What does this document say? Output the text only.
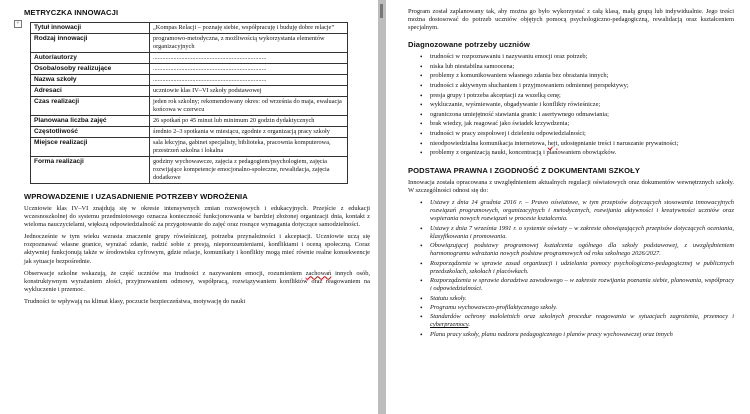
+
METRYCZKA INNOWACJI
Tytuł innowacji	„Kompas Relacji – poznaję siebie, współpracuję i buduję dobre relacje”
Rodzaj innowacji	programowo-metodyczna, z możliwością wykorzystania elementów organizacyjnych
Autor/autorzy	........................................................................
Osoba/osoby realizujące	........................................................................
Nazwa szkoły	........................................................................
Adresaci	uczniowie klas IV–VI szkoły podstawowej
Czas realizacji	jeden rok szkolny; rekomendowany okres: od września do maja, ewaluacja końcowa w czerwcu
Planowana liczba zajęć	26 spotkań po 45 minut lub minimum 20 godzin dydaktycznych
Częstotliwość	średnio 2–3 spotkania w miesiącu, zgodnie z organizacją pracy szkoły
Miejsce realizacji	sala lekcyjna, gabinet specjalisty, biblioteka, pracownia komputerowa, przestrzeń szkolna i lokalna
Forma realizacji	godziny wychowawcze, zajęcia z pedagogiem/psychologiem, zajęcia rozwijające kompetencje emocjonalno-społeczne, rewalidacja, zajęcia dodatkowe
WPROWADZENIE I UZASADNIENIE POTRZEBY WDROŻENIA

Uczniowie klas IV–VI znajdują się w okresie intensywnych zmian rozwojowych i edukacyjnych. Przejście z edukacji wczesnoszkolnej do systemu przedmiotowego oznacza konieczność funkcjonowania w bardziej złożonej organizacji dnia, kontakt z wieloma nauczycielami, większą odpowiedzialność za przygotowanie do zajęć oraz rosnące wymagania dotyczące samodzielności.

Jednocześnie w tym wieku wzrasta znaczenie grupy rówieśniczej, potrzeba przynależności i akceptacji. Uczniowie uczą się rozpoznawać własne granice, wyrażać zdanie, radzić sobie z presją, nieporozumieniami, konfliktami i oceną społeczną. Coraz aktywniej funkcjonują także w środowisku cyfrowym, gdzie relacje, komunikaty i konflikty mogą mieć równie realne konsekwencje jak sytuacje bezpośrednie.

Obserwacje szkolne wskazują, że część uczniów ma trudności z nazywaniem emocji, rozumieniem zachowań innych osób, konstruktywnym wyrażaniem złości, przyjmowaniem odmowy, współpracą, rozwiązywaniem konfliktów oraz reagowaniem na wykluczenie i przemoc.

Trudności te wpływają na klimat klasy, poczucie bezpieczeństwa, motywację do nauki

Program został zaplanowany tak, aby można go było wykorzystać z całą klasą, małą grupą lub indywidualnie. Jego treści można dostosować do potrzeb uczniów objętych pomocą psychologiczno-pedagogiczną, rewalidacją oraz kształceniem specjalnym.

Diagnozowane potrzeby uczniów
• trudności w rozpoznawaniu i nazywaniu emocji oraz potrzeb;
• niska lub niestabilna samoocena;
• problemy z komunikowaniem własnego zdania bez obrażania innych;
• trudności z aktywnym słuchaniem i przyjmowaniem odmiennej perspektywy;
• presja grupy i potrzeba akceptacji za wszelką cenę;
• wykluczanie, wyśmiewanie, obgadywanie i konflikty rówieśnicze;
• ograniczona umiejętność stawiania granic i asertywnego odmawiania;
• brak wiedzy, jak reagować jako świadek krzywdzenia;
• trudności w pracy zespołowej i dzieleniu odpowiedzialności;
• nieodpowiedzialna komunikacja internetowa, hejt, udostępnianie treści i naruszanie prywatności;
• problemy z organizacją nauki, koncentracją i planowaniem obowiązków.
PODSTAWA PRAWNA I ZGODNOŚĆ Z DOKUMENTAMI SZKOŁY

Innowacja została opracowana z uwzględnieniem aktualnych regulacji oświatowych oraz dokumentów wewnętrznych szkoły. W szczególności odnosi się do:

• Ustawy z dnia 14 grudnia 2016 r. – Prawo oświatowe, w tym przepisów dotyczących stosowania innowacyjnych rozwiązań programowych, organizacyjnych i metodycznych, rozwijania aktywności i kreatywności uczniów oraz wspierania nowych rozwiązań w procesie kształcenia.
• Ustawy z dnia 7 września 1991 r. o systemie oświaty – w zakresie obowiązujących przepisów dotyczących oceniania, klasyfikowania i promowania.
• Obowiązującej podstawy programowej kształcenia ogólnego dla szkoły podstawowej, z uwzględnieniem harmonogramu wdrażania nowych podstaw programowych od roku szkolnego 2026/2027.
• Rozporządzenia w sprawie zasad organizacji i udzielania pomocy psychologiczno-pedagogicznej w publicznych przedszkolach, szkołach i placówkach.
• Rozporządzenia w sprawie doradztwa zawodowego – w zakresie rozwijania poznania siebie, planowania, współpracy i odpowiedzialności.
• Statutu szkoły.
• Programu wychowawczo-profilaktycznego szkoły.
• Standardów ochrony małoletnich oraz szkolnych procedur reagowania w sytuacjach zagrożenia, przemocy i cyberprzemocy.
• Planu pracy szkoły, planu nadzoru pedagogicznego i planów pracy wychowawczej oraz innych
